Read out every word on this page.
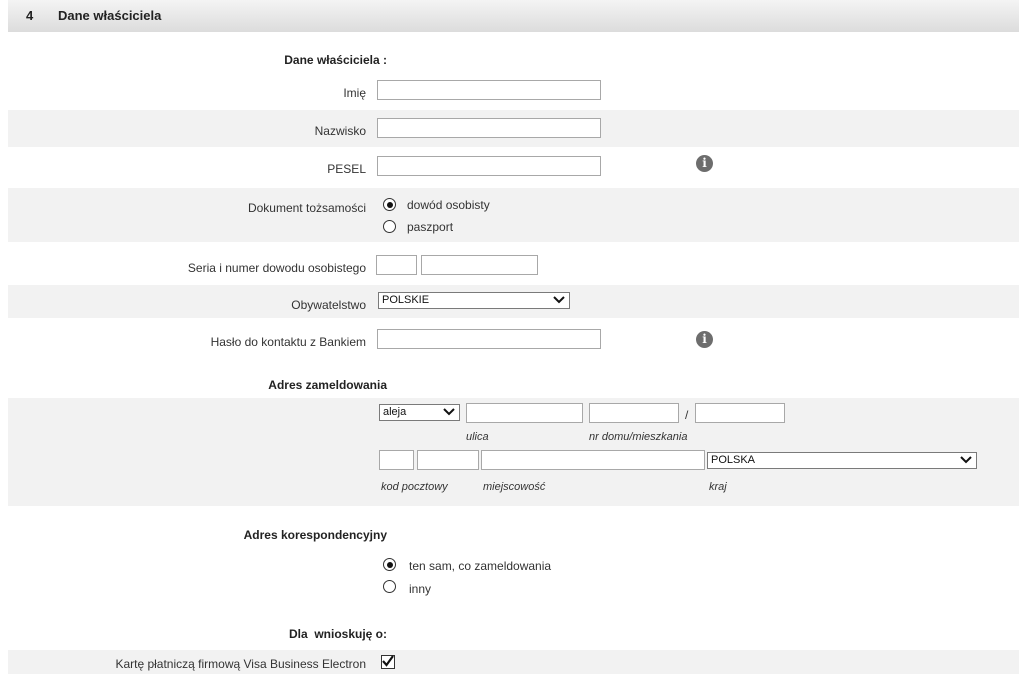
4 Dane właściciela
Dane właściciela :
Imię
Nazwisko
PESEL	i
Dokument tożsamości	dowód osobisty
paszport
Seria i numer dowodu osobistego
Obywatelstwo	POLSKIE
Hasło do kontaktu z Bankiem	i
Adres zameldowania
aleja	/
ulica	nr domu/mieszkania
POLSKA
kod pocztowy	miejscowość	kraj
Adres korespondencyjny
ten sam, co zameldowania
inny
Dla  wnioskuję o:
Kartę płatniczą firmową Visa Business Electron
